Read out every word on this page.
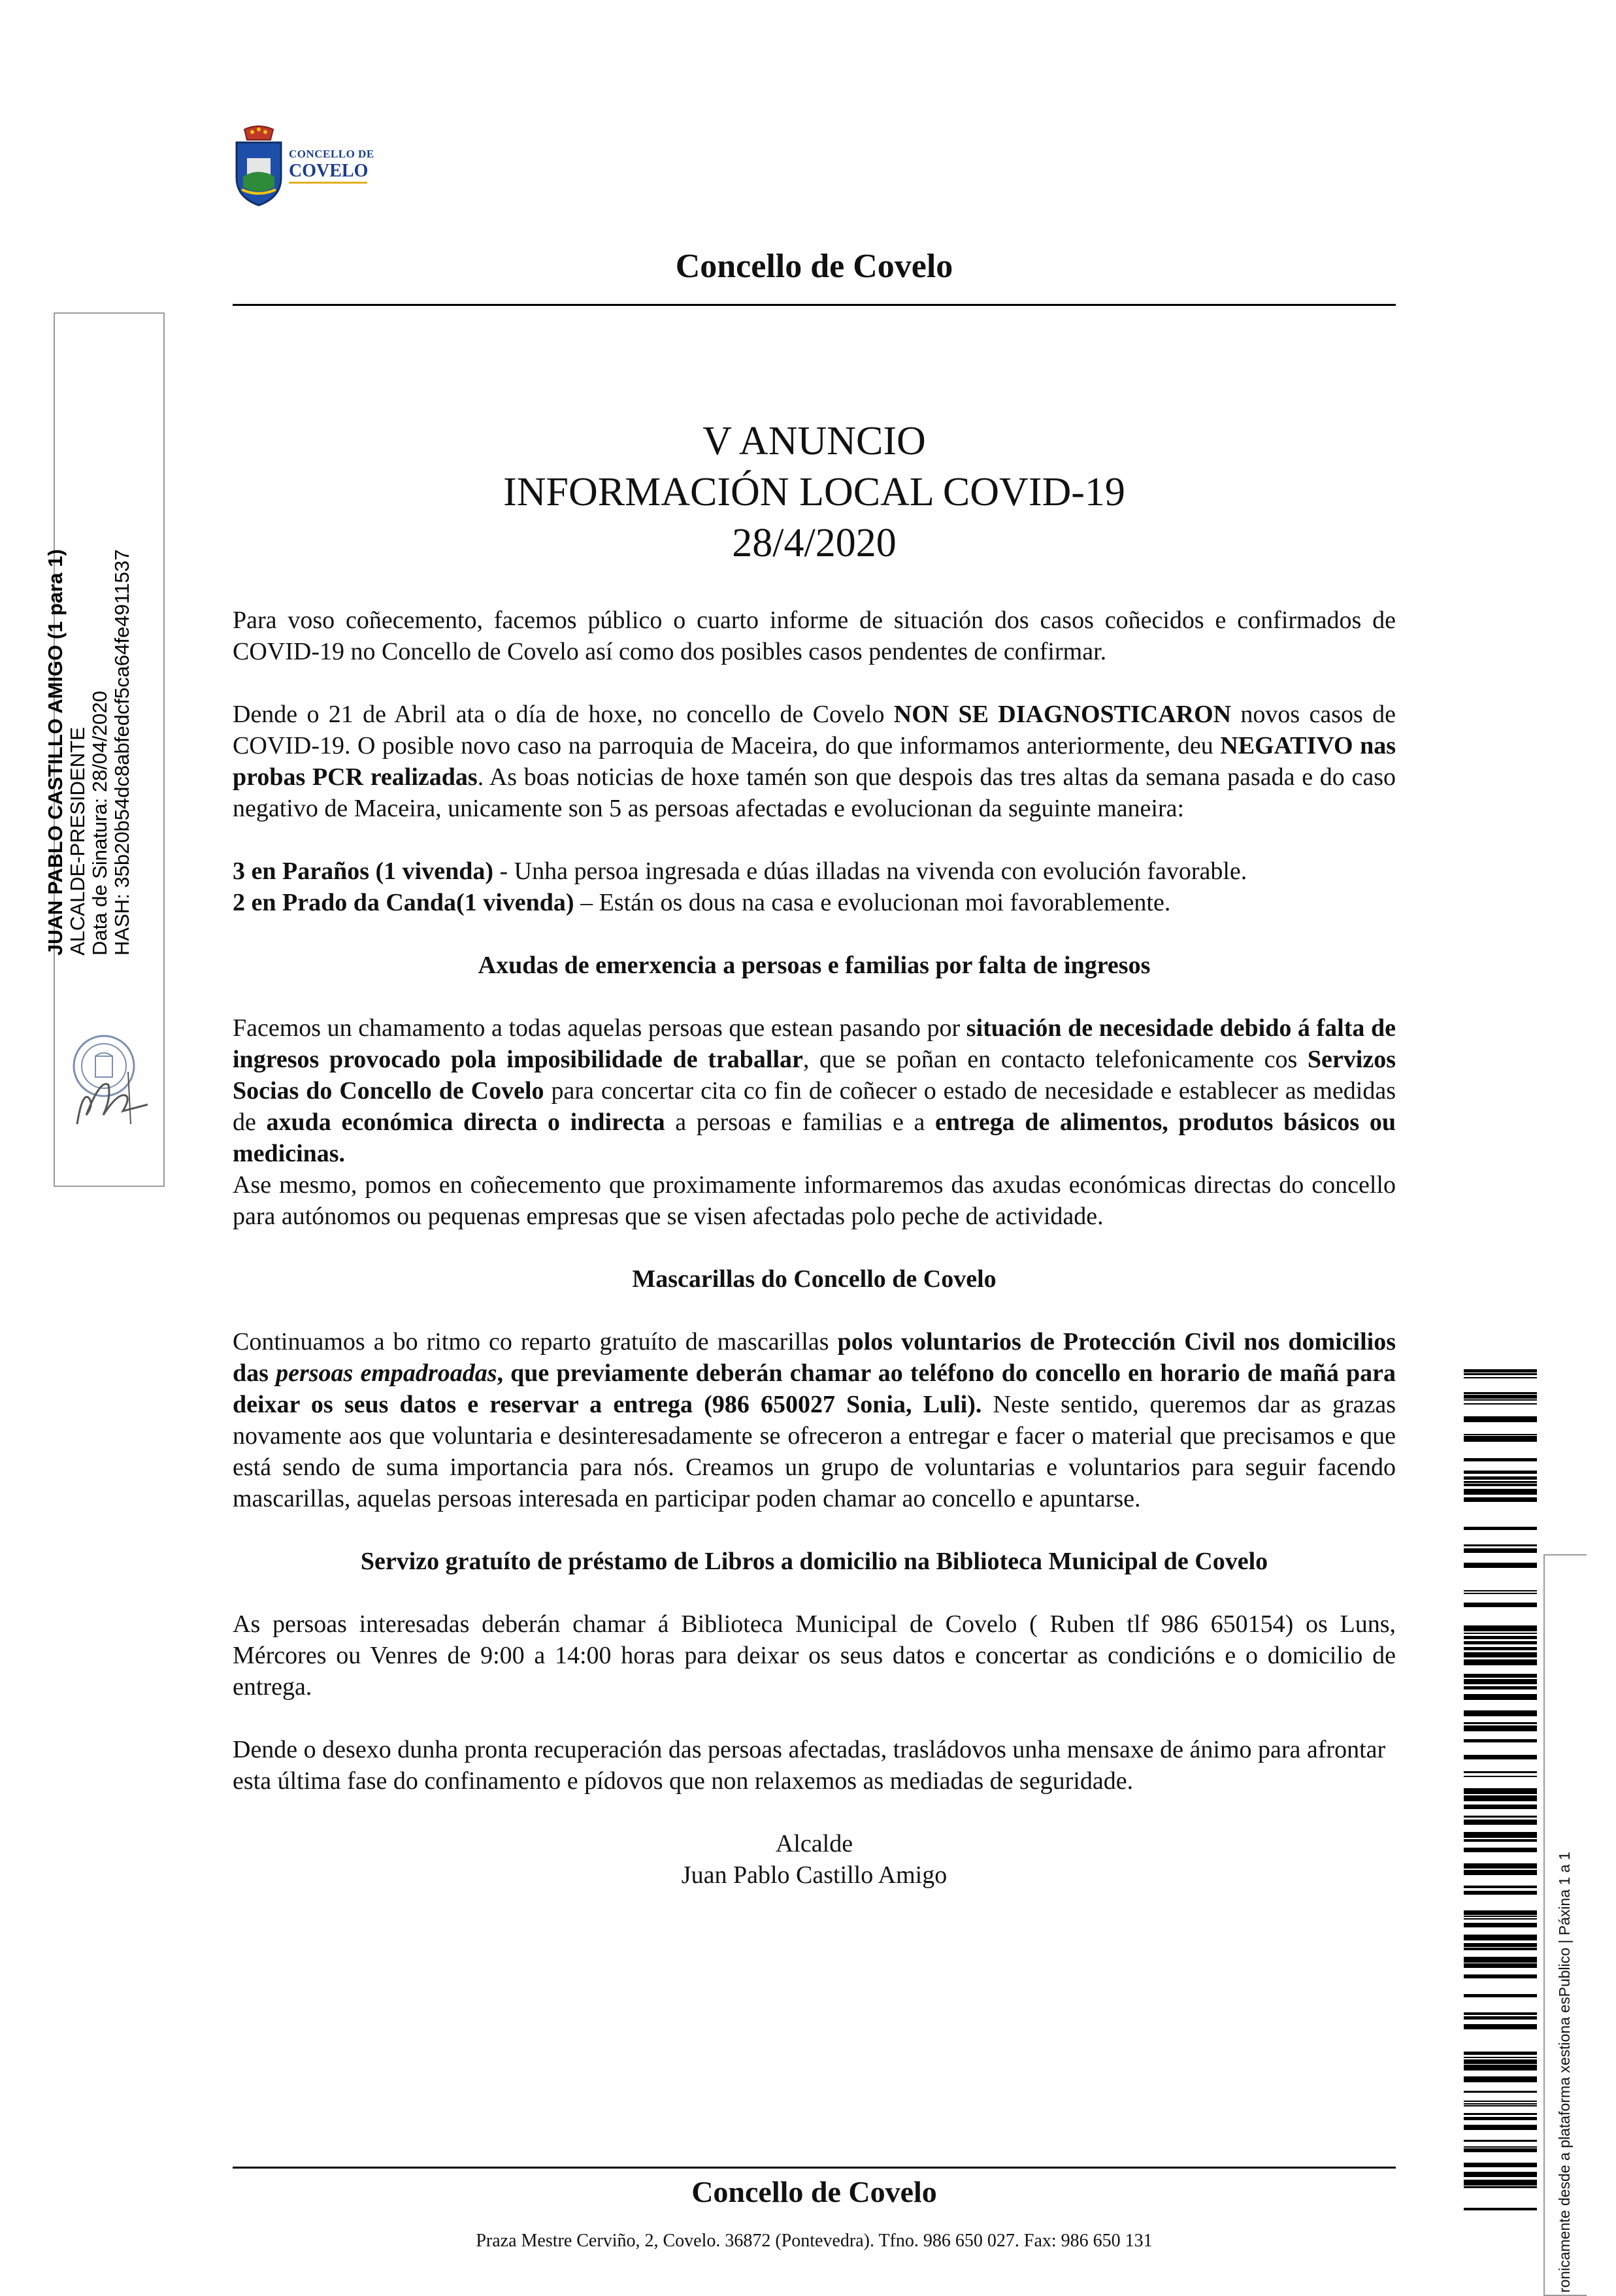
CONCELLO DE
COVELO
Concello de Covelo
JUAN PABLO CASTILLO AMIGO (1 para 1) ALCALDE-PRESIDENTE Data de Sinatura: 28/04/2020 HASH: 35b20b54dc8abfedcf5ca64fe4911537
ronicamente desde a plataforma xestiona esPublico | Páxina 1 a 1
V ANUNCIO
INFORMACIÓN LOCAL COVID-19
28/4/2020

Para voso coñecemento, facemos público o cuarto informe de situación dos casos coñecidos e confirmados de COVID-19 no Concello de Covelo así como dos posibles casos pendentes de confirmar.

Dende o 21 de Abril ata o día de hoxe, no concello de Covelo NON SE DIAGNOSTICARON novos casos de COVID-19. O posible novo caso na parroquia de Maceira, do que informamos anteriormente, deu NEGATIVO nas probas PCR realizadas. As boas noticias de hoxe tamén son que despois das tres altas da semana pasada e do caso negativo de Maceira, unicamente son 5 as persoas afectadas e evolucionan da seguinte maneira:

3 en Paraños (1 vivenda) - Unha persoa ingresada e dúas illadas na vivenda con evolución favorable.

2 en Prado da Canda(1 vivenda) – Están os dous na casa e evolucionan moi favorablemente.

Axudas de emerxencia a persoas e familias por falta de ingresos

Facemos un chamamento a todas aquelas persoas que estean pasando por situación de necesidade debido á falta de ingresos provocado pola imposibilidade de traballar, que se poñan en contacto telefonicamente cos Servizos Socias do Concello de Covelo para concertar cita co fin de coñecer o estado de necesidade e establecer as medidas de axuda económica directa o indirecta a persoas e familias e a entrega de alimentos, produtos básicos ou medicinas.

Ase mesmo, pomos en coñecemento que proximamente informaremos das axudas económicas directas do concello para autónomos ou pequenas empresas que se visen afectadas polo peche de actividade.

Mascarillas do Concello de Covelo

Continuamos a bo ritmo co reparto gratuíto de mascarillas polos voluntarios de Protección Civil nos domicilios das persoas empadroadas, que previamente deberán chamar ao teléfono do concello en horario de mañá para deixar os seus datos e reservar a entrega (986 650027 Sonia, Luli). Neste sentido, queremos dar as grazas novamente aos que voluntaria e desinteresadamente se ofreceron a entregar e facer o material que precisamos e que está sendo de suma importancia para nós. Creamos un grupo de voluntarias e voluntarios para seguir facendo mascarillas, aquelas persoas interesada en participar poden chamar ao concello e apuntarse.

Servizo gratuíto de préstamo de Libros a domicilio na Biblioteca Municipal de Covelo

As persoas interesadas deberán chamar á Biblioteca Municipal de Covelo ( Ruben tlf 986 650154) os Luns, Mércores ou Venres de 9:00 a 14:00 horas para deixar os seus datos e concertar as condicións e o domicilio de entrega.

Dende o desexo dunha pronta recuperación das persoas afectadas, trasládovos unha mensaxe de ánimo para afrontar esta última fase do confinamento e pídovos que non relaxemos as mediadas de seguridade.

Alcalde

Juan Pablo Castillo Amigo

Concello de Covelo
Praza Mestre Cerviño, 2, Covelo. 36872 (Pontevedra). Tfno. 986 650 027. Fax: 986 650 131
